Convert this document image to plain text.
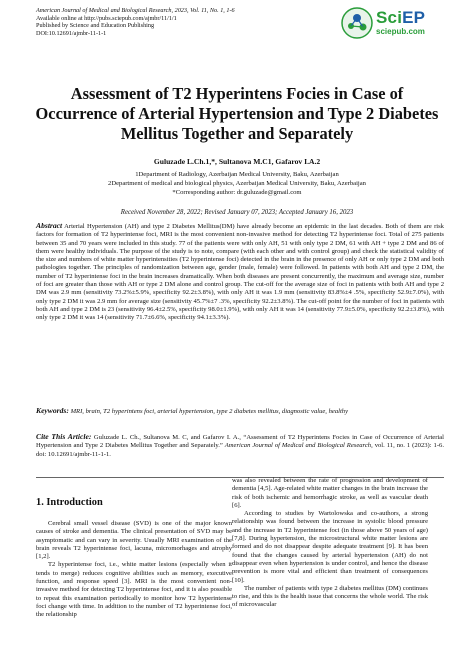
American Journal of Medical and Biological Research, 2023, Vol. 11, No. 1, 1-6
Available online at http://pubs.sciepub.com/ajmbr/11/1/1
Published by Science and Education Publishing
DOI:10.12691/ajmbr-11-1-1
SciEP
sciepub.com
Assessment of T2 Hyperintens Focies in Case of Occurrence of Arterial Hypertension and Type 2 Diabetes Mellitus Together and Separately
Guluzade L.Ch.1,*, Sultanova M.C1, Gafarov I.A.2
1Department of Radiology, Azerbaijan Medical University, Baku, Azerbaijan
2Department of medical and biological physics, Azerbaijan Medical University, Baku, Azerbaijan
*Corresponding author: dr.guluzade@gmail.com
Received November 28, 2022; Revised January 07, 2023; Accepted January 16, 2023
Abstract Arterial Hypertension (AH) and type 2 Diabetes Mellitus(DM) have already become an epidemic in the last decades. Both of them are risk factors for formation of T2 hyperintense foci, MRI is the most convenient non-invasive method for detecting T2 hyperintense foci. Total of 275 patients between 35 and 70 years were included in this study. 77 of the patients were with only AH, 51 with only type 2 DM, 61 with AH + type 2 DM and 86 of them were healthy individuals. The purpose of the study is to note, compare (with each other and with control group) and check the statistical validity of the size and numbers of white matter hyperintensities (T2 hyperintense foci) detected in the brain in the presence of only AH or only type 2 DM and both pathologies together. The principles of randomization between age, gender (male, female) were followed. In patients with both AH and type 2 DM, the number of T2 hyperintense foci in the brain increases dramatically. When both diseases are present concurrently, the maximum and average size, number of foci are greater than those with AH or type 2 DM alone and control group. The cut-off for the average size of foci in patients with both AH and type 2 DM was 2.9 mm (sensitivity 73.2%±5.9%, specificity 92.2±3.8%), with only AH it was 1.9 mm (sensitivity 83.8%±4 .5%, specificity 52.9±7.0%), with only type 2 DM it was 2.9 mm for average size (sensitivity 45.7%±7 .3%, specificity 92.2±3.8%). The cut-off point for the number of foci in patients with both AH and type 2 DM is 23 (sensitivity 96.4±2.5%, specificity 98.0±1.9%), with only AH it was 14 (sensitivity 77.9±5.0%, specificity 92.2±3.8%), with only type 2 DM it was 14 (sensitivity 71.7±6.6%, specificity 94.1±3.3%).
Keywords: MRI, brain, T2 hyperintens foci, arterial hypertension, type 2 diabetes mellitus, diagnostic value, healthy
Cite This Article: Guluzade L. Ch., Sultanova M. C, and Gafarov I. A., “Assessment of T2 Hyperintens Focies in Case of Occurrence of Arterial Hypertension and Type 2 Diabetes Mellitus Together and Separately.” American Journal of Medical and Biological Research, vol. 11, no. 1 (2023): 1-6. doi: 10.12691/ajmbr-11-1-1.
1. Introduction

Cerebral small vessel disease (SVD) is one of the major known causes of stroke and dementia. The clinical presentation of SVD may be asymptomatic and can vary in severity. Usually MRI examination of the brain reveals T2 hyperintense foci, lacuna, micromorhages and atrophy [1,2].

T2 hyperintense foci, i.e., white matter lesions (especially when it tends to merge) reduces cognitive abilities such as memory, executive function, and response speed [3]. MRI is the most convenient non-invasive method for detecting T2 hyperintense foci, and it is also possible to repeat this examination periodically to monitor how T2 hyperintense foci change with time. In addition to the number of T2 hyperintense foci, the relationship

was also revealed between the rate of progression and development of dementia [4,5]. Age-related white matter changes in the brain increase the risk of both ischemic and hemorrhagic stroke, as well as vascular death [6].

According to studies by Wartolowska and co-authors, a strong relationship was found between the increase in systolic blood pressure and the increase in T2 hyperintense foci (in those above 50 years of age) [7,8]. During hypertension, the microstructural white matter lesions are formed and do not disappear despite adequate treatment [9]. It has been found that the changes caused by arterial hypertension (AH) do not disappear even when hypertension is under control, and hence the disease prevention is more vital and efficient than treatment of consequences [10].

The number of patients with type 2 diabetes mellitus (DM) continues to rise, and this is the health issue that concerns the whole world. The risk of microvascular
